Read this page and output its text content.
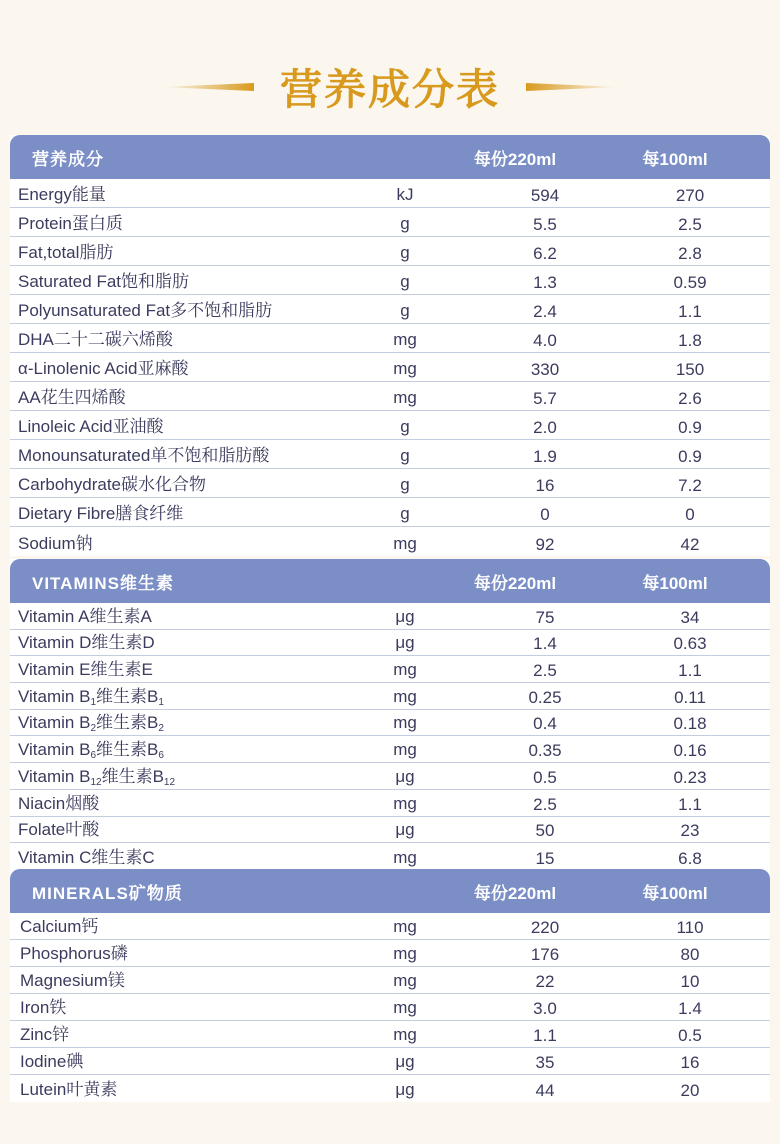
营养成分表
营养成分	每份220ml	每100ml
Energy能量	kJ	594	270
Protein蛋白质	g	5.5	2.5
Fat,total脂肪	g	6.2	2.8
Saturated Fat饱和脂肪	g	1.3	0.59
Polyunsaturated Fat多不饱和脂肪	g	2.4	1.1
DHA二十二碳六烯酸	mg	4.0	1.8
α-Linolenic Acid亚麻酸	mg	330	150
AA花生四烯酸	mg	5.7	2.6
Linoleic Acid亚油酸	g	2.0	0.9
Monounsaturated单不饱和脂肪酸	g	1.9	0.9
Carbohydrate碳水化合物	g	16	7.2
Dietary Fibre膳食纤维	g	0	0
Sodium钠	mg	92	42
VITAMINS维生素	每份220ml	每100ml
Vitamin A维生素A	μg	75	34
Vitamin D维生素D	μg	1.4	0.63
Vitamin E维生素E	mg	2.5	1.1
Vitamin $B_1$维生素$B_1$	mg	0.25	0.11
Vitamin $B_2$维生素$B_2$	mg	0.4	0.18
Vitamin $B_6$维生素$B_6$	mg	0.35	0.16
Vitamin $B_{12}$维生素$B_{12}$	μg	0.5	0.23
Niacin烟酸	mg	2.5	1.1
Folate叶酸	μg	50	23
Vitamin C维生素C	mg	15	6.8
MINERALS矿物质	每份220ml	每100ml
Calcium钙	mg	220	110
Phosphorus磷	mg	176	80
Magnesium镁	mg	22	10
Iron铁	mg	3.0	1.4
Zinc锌	mg	1.1	0.5
Iodine碘	μg	35	16
Lutein叶黄素	μg	44	20
